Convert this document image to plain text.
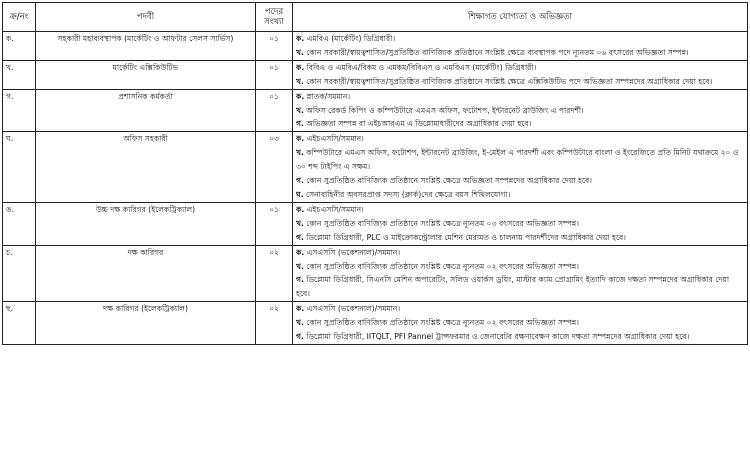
ক্র/নং	পদবী	পদের সংখ্যা	শিক্ষাগত যোগ্যতা ও অভিজ্ঞতা
ক.	সহকারী মহাব্যবস্থাপক (মার্কেটিং ও আফটার সেলস সার্ভিস)	০১	ক. এমবিএ (মার্কেটিং) ডিগ্রিধারী।
খ. কোন সরকারী/স্বায়ত্বশাসিত/সুপ্রতিষ্ঠিত বাণিজ্যিক প্রতিষ্ঠানে সংশ্লিষ্ট ক্ষেত্রে ব্যবস্থাপক পদে ন্যূনতম ০৬ বৎসরের অভিজ্ঞতা সম্পন্ন।

খ.	মার্কেটিং এক্সিকিউটিভ	০১	ক. বিবিএ ও এমবিএ/বিকম ও এমকম/বিবিএস ও এমবিএস (মার্কেটিং) ডিগ্রিধারী।
খ. কোন সরকারী/স্বায়ত্বশাসিত/সুপ্রতিষ্ঠিত বাণিজ্যিক প্রতিষ্ঠানে সংশ্লিষ্ট ক্ষেত্রে এক্সিকিউটিভ পদে অভিজ্ঞতা সম্পন্নদের অগ্রাধিকার দেয়া হবে।

গ.	প্রশাসনিক কর্মকর্তা	০১	ক. স্নাতক/সমমান।
খ. অফিস রেকর্ড কিপিং ও কম্পিউটারে এমএস অফিস, ফটোশপ, ইন্টারনেট ব্রাউজিং এ পারদর্শী।
গ. অভিজ্ঞতা সম্পন্ন বা এইচআরএম এ ডিপ্লোমাধারীদের অগ্রাধিকার দেয়া হবে।

ঘ.	অফিস সহকারী	০৩	ক. এইচএসসি/সমমান।
খ. কম্পিউটারে এমএস অফিস, ফটোশপ, ইন্টারনেট ব্রাউজিং, ই-মেইল এ পারদর্শী এবং কম্পিউটারে বাংলা ও ইংরেজিতে প্রতি মিনিট যথাক্রমে ২০ ও ৩০ শব্দ টাইপিং এ সক্ষম।
গ. কোন সুপ্রতিষ্ঠিত বাণিজ্যিক প্রতিষ্ঠানে সংশ্লিষ্ট ক্ষেত্রে অভিজ্ঞতা সম্পন্নদের অগ্রাধিকার দেয়া হবে।
ঘ. সেনাবাহিনীর অবসরপ্রাপ্ত সদস্য (ক্লার্ক)দের ক্ষেত্রে বয়স শিথিলযোগ্য।

ঙ.	উচ্চ দক্ষ কারিগর (ইলেকট্রিক্যাল)	০১	ক. এইচএসসি/সমমান।
খ. কোন সুপ্রতিষ্ঠিত বাণিজ্যিক প্রতিষ্ঠানে সংশ্লিষ্ট ক্ষেত্রে ন্যূনতম ০৩ বৎসরের অভিজ্ঞতা সম্পন্ন।
গ. ডিপ্লোমা ডিগ্রিধারী, PLC ও মাইক্রোকন্ট্রোলার মেশিন মেরামত ও চালনায় পারদর্শীদের অগ্রাধিকার দেয়া হবে।

চ.	দক্ষ কারিগর	০২	ক. এসএসসি (ভকেশনাল)/সমমান।
খ. কোন সুপ্রতিষ্ঠিত বাণিজ্যিক প্রতিষ্ঠানে সংশ্লিষ্ট ক্ষেত্রে ন্যূনতম ০২ বৎসরের অভিজ্ঞতা সম্পন্ন।
গ. ডিপ্লোমা ডিগ্রিধারী, সিএনসি মেশিন অপারেটিং, সলিড ওয়ার্কস ড্রয়িং, মাস্টার ক্যাম প্রোগ্রামিং ইত্যাদি কাজে দক্ষতা সম্পন্নদের অগ্রাধিকার দেয়া হবে।

ছ.	দক্ষ কারিগর (ইলেকট্রিক্যাল)	০২	ক. এসএসসি (ভকেশনাল)/সমমান।
খ. কোন সুপ্রতিষ্ঠিত বাণিজ্যিক প্রতিষ্ঠানে সংশ্লিষ্ট ক্ষেত্রে ন্যূনতম ০২ বৎসরের অভিজ্ঞতা সম্পন্ন।
গ. ডিপ্লোমা ডিগ্রিধারী, IITQLT, PFI Pannel ট্রান্সফরমার ও জেনারেটর রক্ষণাবেক্ষণ কাজে দক্ষতা সম্পন্নদের অগ্রাধিকার দেয়া হবে।
